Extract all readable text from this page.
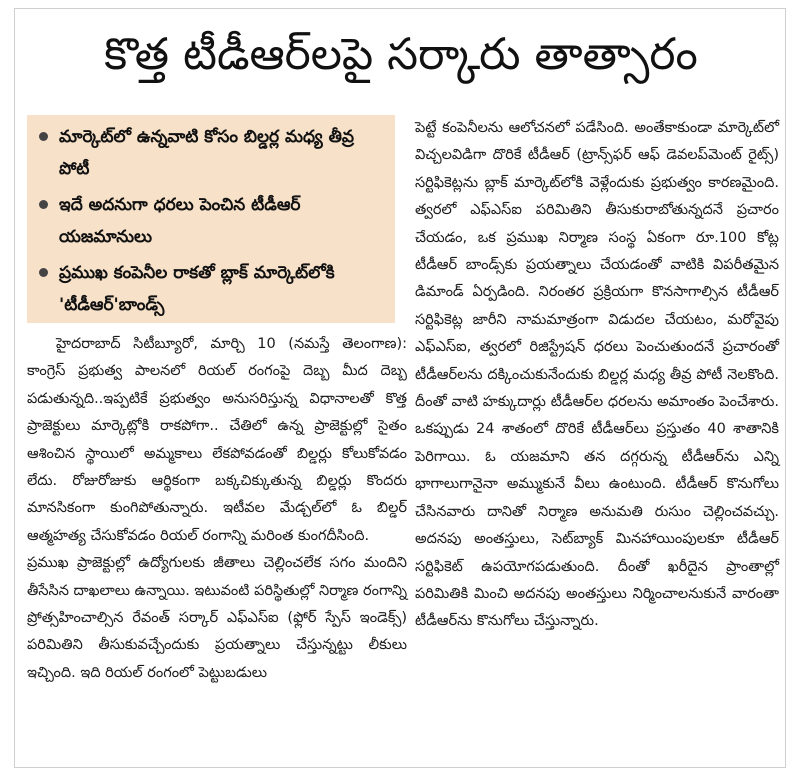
కొత్త టీడీఆర్‌లపై సర్కారు తాత్సారం
మార్కెట్‌లో ఉన్నవాటి కోసం బిల్డర్ల మధ్య తీవ్ర పోటీ
ఇదే అదనుగా ధరలు పెంచిన టీడీఆర్ యజమానులు
ప్రముఖ కంపెనీల రాకతో బ్లాక్ మార్కెట్‌లోకి 'టీడీఆర్'బాండ్స్

హైదరాబాద్ సిటీబ్యూరో, మార్చి 10 (నమస్తే తెలంగాణ): కాంగ్రెస్ ప్రభుత్వ పాలనలో రియల్ రంగంపై దెబ్బ మీద దెబ్బ పడుతున్నది..ఇప్పటికే ప్రభుత్వం అనుసరిస్తున్న విధానాలతో కొత్త ప్రాజెక్టులు మార్కెట్లోకి రాకపోగా.. చేతిలో ఉన్న ప్రాజెక్టుల్లో సైతం ఆశించిన స్థాయిలో అమ్మకాలు లేకపోవడంతో బిల్డర్లు కోలుకోవడం లేదు. రోజురోజుకు ఆర్థికంగా బక్కచిక్కుతున్న బిల్డర్లు కొందరు మానసికంగా కుంగిపోతున్నారు. ఇటీవల మేడ్చల్‌లో ఓ బిల్డర్ ఆత్మహత్య చేసుకోవడం రియల్ రంగాన్ని మరింత కుంగదీసింది.

ప్రముఖ ప్రాజెక్టుల్లో ఉద్యోగులకు జీతాలు చెల్లించలేక సగం మందిని తీసేసిన దాఖలాలు ఉన్నాయి. ఇటువంటి పరిస్థితుల్లో నిర్మాణ రంగాన్ని ప్రోత్సహించాల్సిన రేవంత్ సర్కార్ ఎఫ్ఎస్ఐ (ఫ్లోర్ స్పేస్ ఇండెక్స్) పరిమితిని తీసుకువచ్చేందుకు ప్రయత్నాలు చేస్తున్నట్టు లీకులు ఇచ్చింది. ఇది రియల్ రంగంలో పెట్టుబడులు

పెట్టే కంపెనీలను ఆలోచనలో పడేసింది. అంతేకాకుండా మార్కెట్‌లో విచ్చలవిడిగా దొరికే టీడీఆర్ (ట్రాన్స్‌ఫర్ ఆఫ్ డెవలప్‌మెంట్ రైట్స్) సర్టిఫికెట్లను బ్లాక్ మార్కెట్‌లోకి వెళ్లేందుకు ప్రభుత్వం కారణమైంది. త్వరలో ఎఫ్ఎస్ఐ పరిమితిని తీసుకురాబోతున్నదనే ప్రచారం చేయడం, ఒక ప్రముఖ నిర్మాణ సంస్థ ఏకంగా రూ.100 కోట్ల టీడీఆర్ బాండ్స్‌కు ప్రయత్నాలు చేయడంతో వాటికి విపరీతమైన డిమాండ్ ఏర్పడింది. నిరంతర ప్రక్రియగా కొనసాగాల్సిన టీడీఆర్ సర్టిఫికెట్ల జారీని నామమాత్రంగా విడుదల చేయటం, మరోవైపు ఎఫ్ఎస్ఐ, త్వరలో రిజిస్ట్రేషన్ ధరలు పెంచుతుందనే ప్రచారంతో టీడీఆర్‌లను దక్కించుకునేందుకు బిల్డర్ల మధ్య తీవ్ర పోటీ నెలకొంది. దీంతో వాటి హక్కుదార్లు టీడీఆర్‌ల ధరలను అమాంతం పెంచేశారు. ఒకప్పుడు 24 శాతంలో దొరికే టీడీఆర్‌లు ప్రస్తుతం 40 శాతానికి పెరిగాయి. ఓ యజమాని తన దగ్గరున్న టీడీఆర్‌ను ఎన్ని భాగాలుగానైనా అమ్ముకునే వీలు ఉంటుంది. టీడీఆర్ కొనుగోలు చేసినవారు దానితో నిర్మాణ అనుమతి రుసుం చెల్లించవచ్చు. అదనపు అంతస్తులు, సెట్‌బ్యాక్ మినహాయింపులకూ టీడీఆర్ సర్టిఫికెట్ ఉపయోగపడుతుంది. దీంతో ఖరీదైన ప్రాంతాల్లో పరిమితికి మించి అదనపు అంతస్తులు నిర్మించాలనుకునే వారంతా టీడీఆర్‌ను కొనుగోలు చేస్తున్నారు.
